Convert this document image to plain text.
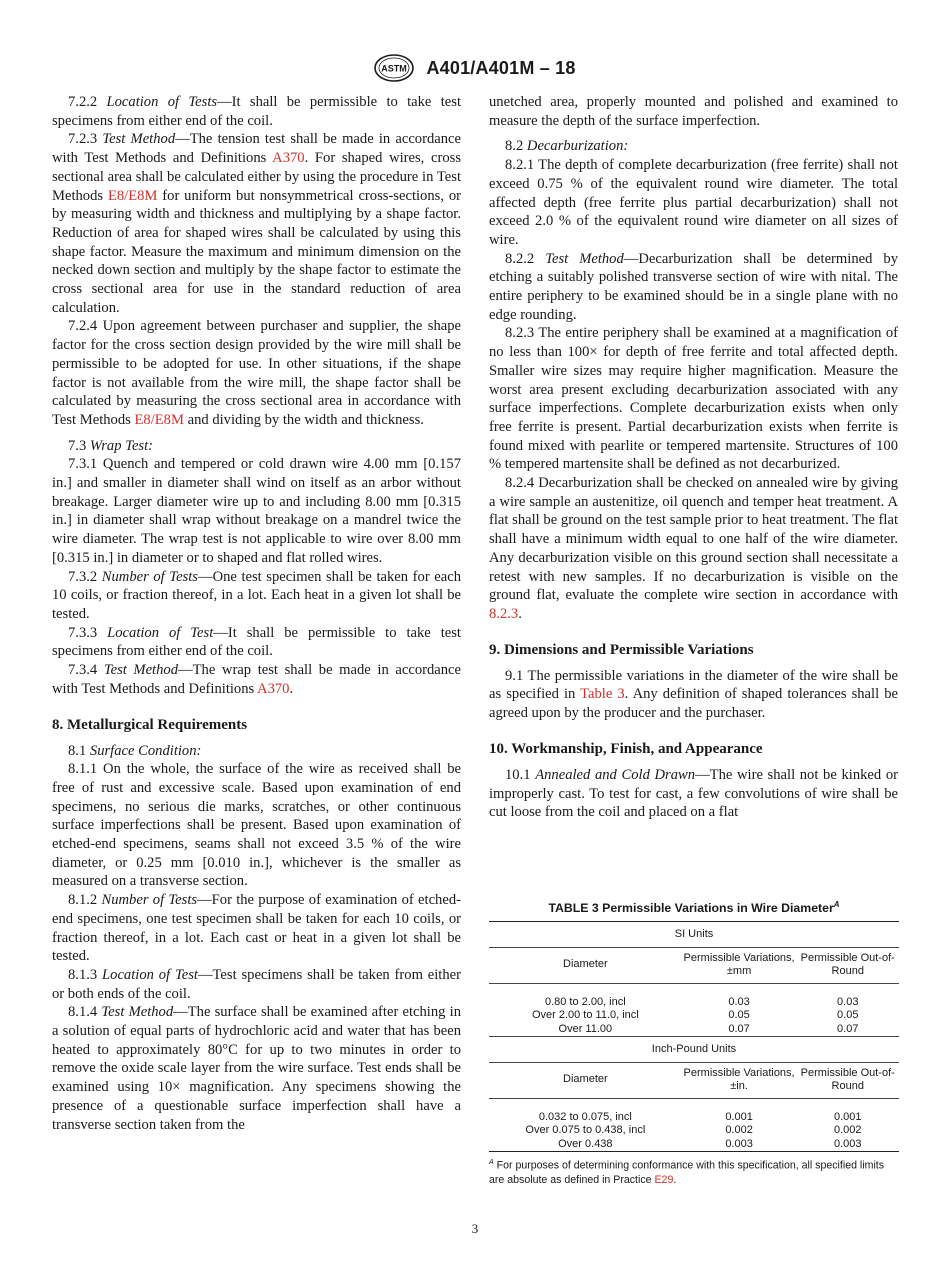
ASTM A401/A401M – 18

7.2.2 Location of Tests—It shall be permissible to take test specimens from either end of the coil.

7.2.3 Test Method—The tension test shall be made in accordance with Test Methods and Definitions A370. For shaped wires, cross sectional area shall be calculated either by using the procedure in Test Methods E8/E8M for uniform but nonsymmetrical cross-sections, or by measuring width and thickness and multiplying by a shape factor. Reduction of area for shaped wires shall be calculated by using this shape factor. Measure the maximum and minimum dimension on the necked down section and multiply by the shape factor to estimate the cross sectional area for use in the standard reduction of area calculation.

7.2.4 Upon agreement between purchaser and supplier, the shape factor for the cross section design provided by the wire mill shall be permissible to be adopted for use. In other situations, if the shape factor is not available from the wire mill, the shape factor shall be calculated by measuring the cross sectional area in accordance with Test Methods E8/E8M and dividing by the width and thickness.

7.3 Wrap Test:

7.3.1 Quench and tempered or cold drawn wire 4.00 mm [0.157 in.] and smaller in diameter shall wind on itself as an arbor without breakage. Larger diameter wire up to and including 8.00 mm [0.315 in.] in diameter shall wrap without breakage on a mandrel twice the wire diameter. The wrap test is not applicable to wire over 8.00 mm [0.315 in.] in diameter or to shaped and flat rolled wires.

7.3.2 Number of Tests—One test specimen shall be taken for each 10 coils, or fraction thereof, in a lot. Each heat in a given lot shall be tested.

7.3.3 Location of Test—It shall be permissible to take test specimens from either end of the coil.

7.3.4 Test Method—The wrap test shall be made in accordance with Test Methods and Definitions A370.

8. Metallurgical Requirements

8.1 Surface Condition:

8.1.1 On the whole, the surface of the wire as received shall be free of rust and excessive scale. Based upon examination of end specimens, no serious die marks, scratches, or other continuous surface imperfections shall be present. Based upon examination of etched-end specimens, seams shall not exceed 3.5 % of the wire diameter, or 0.25 mm [0.010 in.], whichever is the smaller as measured on a transverse section.

8.1.2 Number of Tests—For the purpose of examination of etched-end specimens, one test specimen shall be taken for each 10 coils, or fraction thereof, in a lot. Each cast or heat in a given lot shall be tested.

8.1.3 Location of Test—Test specimens shall be taken from either or both ends of the coil.

8.1.4 Test Method—The surface shall be examined after etching in a solution of equal parts of hydrochloric acid and water that has been heated to approximately 80°C for up to two minutes in order to remove the oxide scale layer from the wire surface. Test ends shall be examined using 10× magnification. Any specimens showing the presence of a questionable surface imperfection shall have a transverse section taken from the

unetched area, properly mounted and polished and examined to measure the depth of the surface imperfection.

8.2 Decarburization:

8.2.1 The depth of complete decarburization (free ferrite) shall not exceed 0.75 % of the equivalent round wire diameter. The total affected depth (free ferrite plus partial decarburization) shall not exceed 2.0 % of the equivalent round wire diameter on all sizes of wire.

8.2.2 Test Method—Decarburization shall be determined by etching a suitably polished transverse section of wire with nital. The entire periphery to be examined should be in a single plane with no edge rounding.

8.2.3 The entire periphery shall be examined at a magnification of no less than 100× for depth of free ferrite and total affected depth. Smaller wire sizes may require higher magnification. Measure the worst area present excluding decarburization associated with any surface imperfections. Complete decarburization exists when only free ferrite is present. Partial decarburization exists when ferrite is found mixed with pearlite or tempered martensite. Structures of 100 % tempered martensite shall be defined as not decarburized.

8.2.4 Decarburization shall be checked on annealed wire by giving a wire sample an austenitize, oil quench and temper heat treatment. A flat shall be ground on the test sample prior to heat treatment. The flat shall have a minimum width equal to one half of the wire diameter. Any decarburization visible on this ground section shall necessitate a retest with new samples. If no decarburization is visible on the ground flat, evaluate the complete wire section in accordance with 8.2.3.

9. Dimensions and Permissible Variations

9.1 The permissible variations in the diameter of the wire shall be as specified in Table 3. Any definition of shaped tolerances shall be agreed upon by the producer and the purchaser.

10. Workmanship, Finish, and Appearance

10.1 Annealed and Cold Drawn—The wire shall not be kinked or improperly cast. To test for cast, a few convolutions of wire shall be cut loose from the coil and placed on a flat

TABLE 3 Permissible Variations in Wire Diameter$^A$

SI Units		
Diameter	Permissible Variations, ±mm	Permissible Out-of-Round

0.80 to 2.00, incl	0.03	0.03
Over 2.00 to 11.0, incl	0.05	0.05
Over 11.00	0.07	0.07
Inch-Pound Units		
Diameter	Permissible Variations, ±in.	Permissible Out-of-Round

0.032 to 0.075, incl	0.001	0.001
Over 0.075 to 0.438, incl	0.002	0.002
Over 0.438	0.003	0.003

$^A$ For purposes of determining conformance with this specification, all specified limits are absolute as defined in Practice E29.
3
